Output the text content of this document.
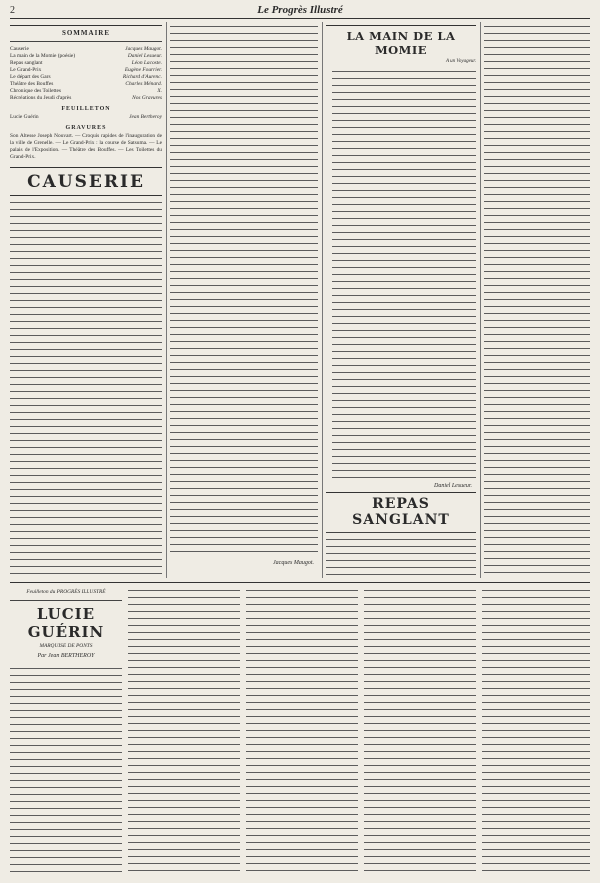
2	Le Progrès Illustré
SOMMAIRE
Causerie	Jacques Maugot.
La main de la Momie (poésie)	Daniel Lesueur.
Repas sanglant	Léon Lacoste.
Le Grand-Prix	Eugène Fourrier.
Le départ des Gars	Richard d'Aurenc.
Théâtre des Bouffes	Charles Ménard.
Chronique des Toilettes	X.
Récréations du Jeudi d'après	Nos Gravures
FEUILLETON
Lucie Guérin	Jean Bertheroy
GRAVURES

Son Altesse Joseph Nouvart. — Croquis rapides de l'inauguration de la ville de Grenelle. — Le Grand-Prix : la course de Satsuma. — Le palais de l'Exposition. — Théâtre des Bouffes. — Les Toilettes du Grand-Prix.

CAUSERIE
Jacques Maugot.
LA MAIN DE LA MOMIE
A un Voyageur.
Daniel Lesueur.
REPAS SANGLANT
Feuilleton du PROGRÈS ILLUSTRÉ
LUCIE GUÉRIN
MARQUISE DE PONTS
Par Jean BERTHEROY
